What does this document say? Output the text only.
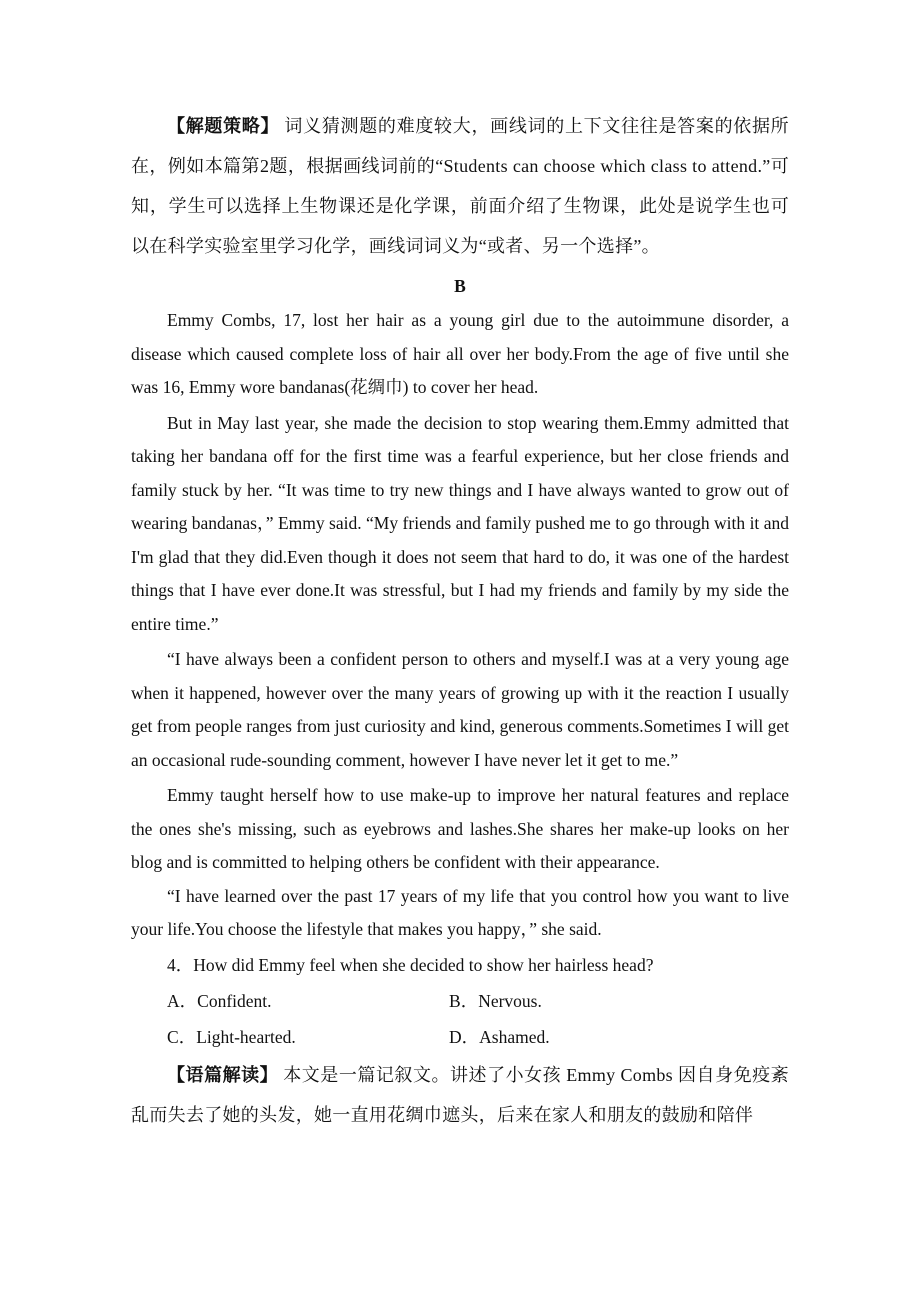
【解题策略】 词义猜测题的难度较大，画线词的上下文往往是答案的依据所在，例如本篇第2题，根据画线词前的“Students can choose which class to attend.”可知，学生可以选择上生物课还是化学课，前面介绍了生物课，此处是说学生也可以在科学实验室里学习化学，画线词词义为“或者、另一个选择”。

B

Emmy Combs, 17, lost her hair as a young girl due to the autoimmune disorder, a disease which caused complete loss of hair all over her body.From the age of five until she was 16, Emmy wore bandanas(花绸巾) to cover her head.

But in May last year, she made the decision to stop wearing them.Emmy admitted that taking her bandana off for the first time was a fearful experience, but her close friends and family stuck by her. “It was time to try new things and I have always wanted to grow out of wearing bandanas，” Emmy said. “My friends and family pushed me to go through with it and I'm glad that they did.Even though it does not seem that hard to do, it was one of the hardest things that I have ever done.It was stressful, but I had my friends and family by my side the entire time.”

“I have always been a confident person to others and myself.I was at a very young age when it happened, however over the many years of growing up with it the reaction I usually get from people ranges from just curiosity and kind, generous comments.Sometimes I will get an occasional rude‑sounding comment, however I have never let it get to me.”

Emmy taught herself how to use make‑up to improve her natural features and replace the ones she's missing, such as eyebrows and lashes.She shares her make‑up looks on her blog and is committed to helping others be confident with their appearance.

“I have learned over the past 17 years of my life that you control how you want to live your life.You choose the lifestyle that makes you happy，” she said.

4．How did Emmy feel when she decided to show her hairless head?

A．Confident.	B．Nervous.
C．Light‑hearted.	D．Ashamed.

【语篇解读】 本文是一篇记叙文。讲述了小女孩 Emmy Combs 因自身免疫紊乱而失去了她的头发，她一直用花绸巾遮头，后来在家人和朋友的鼓励和陪伴
